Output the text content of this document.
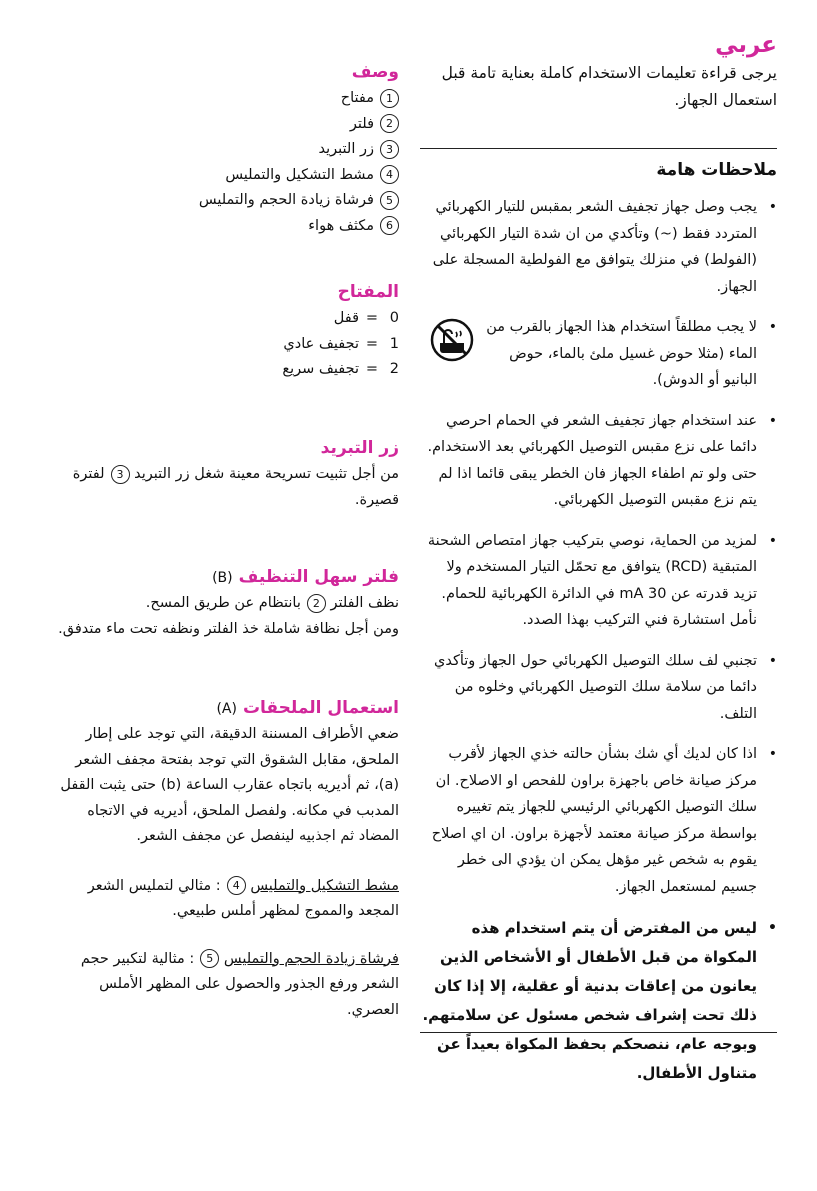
عربي

يرجى قراءة تعليمات الاستخدام كاملة بعناية تامة قبل استعمال الجهاز.

ملاحظات هامة
•
يجب وصل جهاز تجفيف الشعر بمقبس للتيار الكهربائي المتردد فقط (~) وتأكدي من ان شدة التيار الكهربائي (الفولط) في منزلك يتوافق مع الفولطية المسجلة على الجهاز.
•
لا يجب مطلقاً استخدام هذا الجهاز بالقرب من الماء (مثلا حوض غسيل ملئ بالماء، حوض البانيو أو الدوش).
•
عند استخدام جهاز تجفيف الشعر في الحمام احرصي دائما على نزع مقبس التوصيل الكهربائي بعد الاستخدام. حتى ولو تم اطفاء الجهاز فان الخطر يبقى قائما اذا لم يتم نزع مقبس التوصيل الكهربائي.
•
لمزيد من الحماية، نوصي بتركيب جهاز امتصاص الشحنة المتبقية (RCD) يتوافق مع تحمّل التيار المستخدم ولا تزيد قدرته عن 30 mA في الدائرة الكهربائية للحمام. نأمل استشارة فني التركيب بهذا الصدد.
•
تجنبي لف سلك التوصيل الكهربائي حول الجهاز وتأكدي دائما من سلامة سلك التوصيل الكهربائي وخلوه من التلف.
•
اذا كان لديك أي شك بشأن حالته خذي الجهاز لأقرب مركز صيانة خاص باجهزة براون للفحص او الاصلاح. ان سلك التوصيل الكهربائي الرئيسي للجهاز يتم تغييره بواسطة مركز صيانة معتمد لأجهزة براون. ان اي اصلاح يقوم به شخص غير مؤهل يمكن ان يؤدي الى خطر جسيم لمستعمل الجهاز.
•
ليس من المفترض أن يتم استخدام هذه المكواة من قبل الأطفال أو الأشخاص الذين يعانون من إعاقات بدنية أو عقلية، إلا إذا كان ذلك تحت إشراف شخص مسئول عن سلامتهم. وبوجه عام، ننصحكم بحفظ المكواة بعيداً عن متناول الأطفال.
وصف
1مفتاح
2فلتر
3زر التبريد
4مشط التشكيل والتمليس
5فرشاة زيادة الحجم والتمليس
6مكثف هواء
المفتاح
0=قفل
1=تجفيف عادي
2=تجفيف سريع
زر التبريد

من أجل تثبيت تسريحة معينة شغل زر التبريد 3لفترة قصيرة.

فلتر سهل التنظيف(B)

نظف الفلتر 2بانتظام عن طريق المسح.

ومن أجل نظافة شاملة خذ الفلتر ونظفه تحت ماء متدفق.

استعمال الملحقات(A)

ضعي الأطراف المسننة الدقيقة، التي توجد على إطار الملحق، مقابل الشقوق التي توجد بفتحة مجفف الشعر (a)، ثم أديريه باتجاه عقارب الساعة (b) حتى يثبت القفل المدبب في مكانه. ولفصل الملحق، أديريه في الاتجاه المضاد ثم اجذبيه لينفصل عن مجفف الشعر.

مشط التشكيل والتمليس 4: مثالي لتمليس الشعر المجعد والمموج لمظهر أملس طبيعي.

فرشاة زيادة الحجم والتمليس 5: مثالية لتكبير حجم الشعر ورفع الجذور والحصول على المظهر الأملس العصري.
